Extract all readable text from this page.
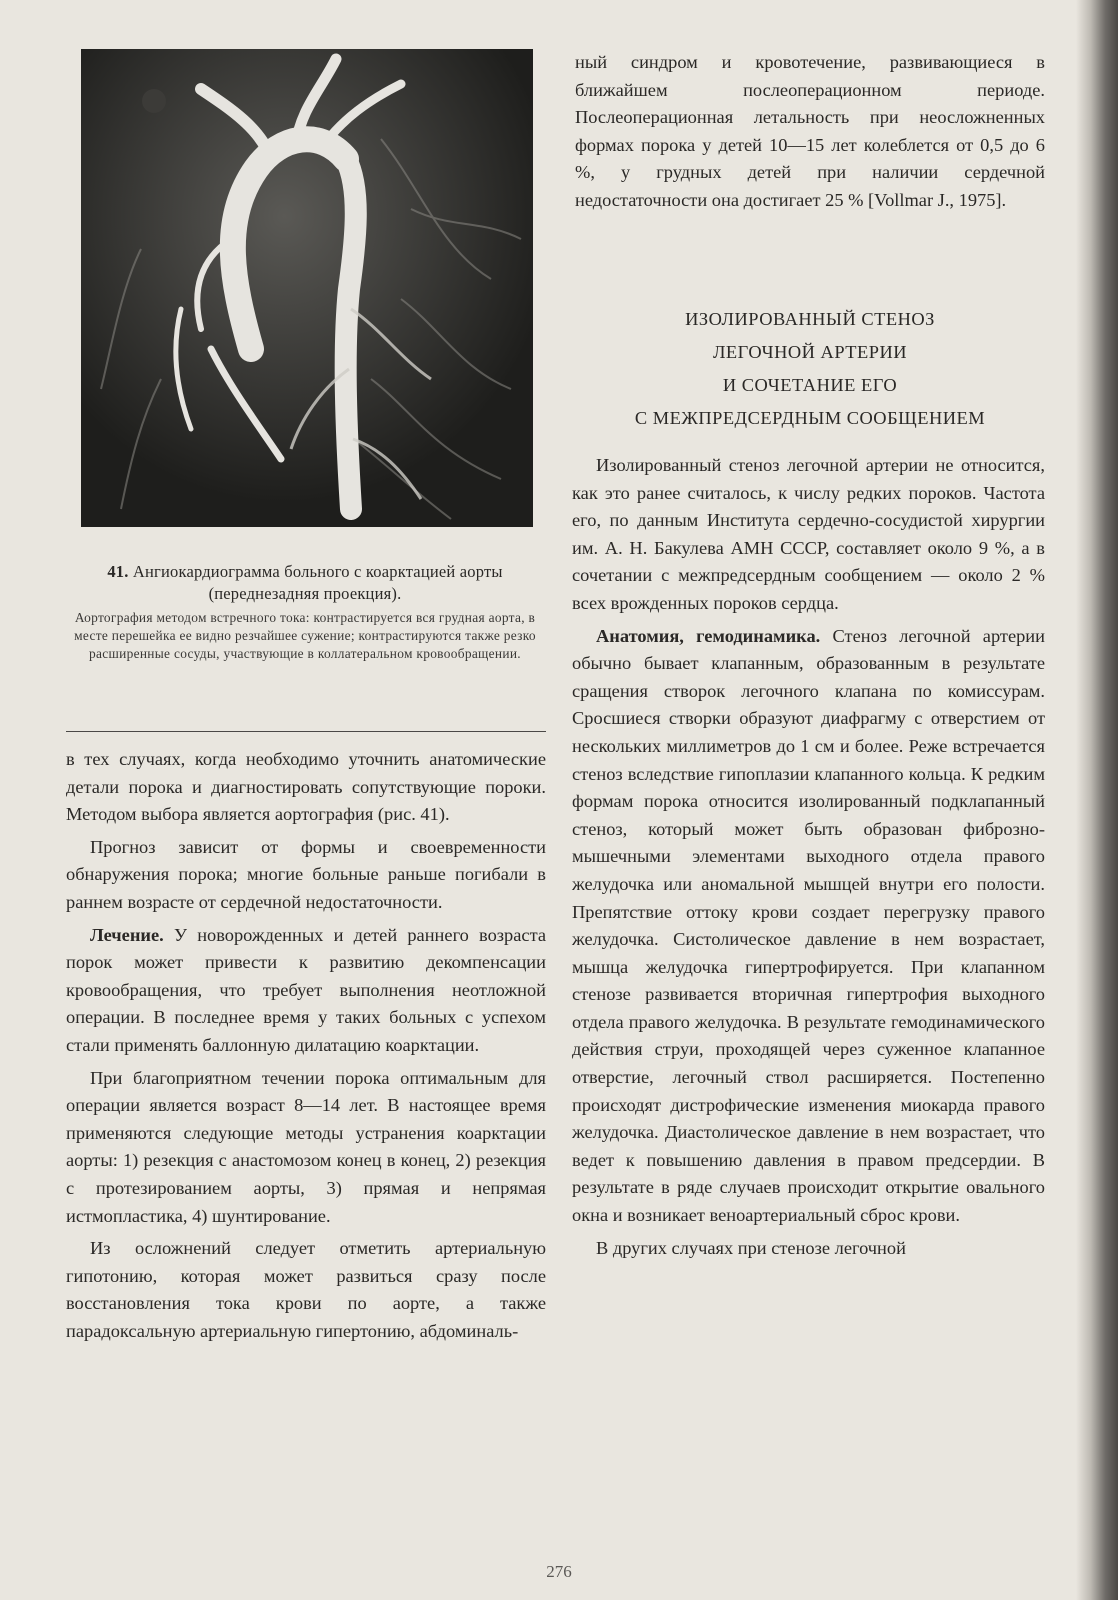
41. Ангиокардиограмма больного с коарктацией аорты (переднезадняя проекция).
Аортография методом встречного тока: контрастируется вся грудная аорта, в месте перешейка ее видно резчайшее сужение; контрастируются также резко расширенные сосуды, участвующие в коллатеральном кровообращении.

в тех случаях, когда необходимо уточнить анатомические детали порока и диагностировать сопутствующие пороки. Методом выбора является аортография (рис. 41).

Прогноз зависит от формы и своевременности обнаружения порока; многие больные раньше погибали в раннем возрасте от сердечной недостаточности.

Лечение. У новорожденных и детей раннего возраста порок может привести к развитию декомпенсации кровообращения, что требует выполнения неотложной операции. В последнее время у таких больных с успехом стали применять баллонную дилатацию коарктации.

При благоприятном течении порока оптимальным для операции является возраст 8—14 лет. В настоящее время применяются следующие методы устранения коарктации аорты: 1) резекция с анастомозом конец в конец, 2) резекция с протезированием аорты, 3) прямая и непрямая истмопластика, 4) шунтирование.

Из осложнений следует отметить артериальную гипотонию, которая может развиться сразу после восстановления тока крови по аорте, а также парадоксальную артериальную гипертонию, абдоминаль-

ный синдром и кровотечение, развивающиеся в ближайшем послеоперационном периоде. Послеоперационная летальность при неосложненных формах порока у детей 10—15 лет колеблется от 0,5 до 6 %, у грудных детей при наличии сердечной недостаточности она достигает 25 % [Vollmar J., 1975].

ИЗОЛИРОВАННЫЙ СТЕНОЗ
ЛЕГОЧНОЙ АРТЕРИИ
И СОЧЕТАНИЕ ЕГО
С МЕЖПРЕДСЕРДНЫМ СООБЩЕНИЕМ

Изолированный стеноз легочной артерии не относится, как это ранее считалось, к числу редких пороков. Частота его, по данным Института сердечно-сосудистой хирургии им. А. Н. Бакулева АМН СССР, составляет около 9 %, а в сочетании с межпредсердным сообщением — около 2 % всех врожденных пороков сердца.

Анатомия, гемодинамика. Стеноз легочной артерии обычно бывает клапанным, образованным в результате сращения створок легочного клапана по комиссурам. Сросшиеся створки образуют диафрагму с отверстием от нескольких миллиметров до 1 см и более. Реже встречается стеноз вследствие гипоплазии клапанного кольца. К редким формам порока относится изолированный подклапанный стеноз, который может быть образован фиброзно-мышечными элементами выходного отдела правого желудочка или аномальной мышцей внутри его полости. Препятствие оттоку крови создает перегрузку правого желудочка. Систолическое давление в нем возрастает, мышца желудочка гипертрофируется. При клапанном стенозе развивается вторичная гипертрофия выходного отдела правого желудочка. В результате гемодинамического действия струи, проходящей через суженное клапанное отверстие, легочный ствол расширяется. Постепенно происходят дистрофические изменения миокарда правого желудочка. Диастолическое давление в нем возрастает, что ведет к повышению давления в правом предсердии. В результате в ряде случаев происходит открытие овального окна и возникает веноартериальный сброс крови.

В других случаях при стенозе легочной

276
